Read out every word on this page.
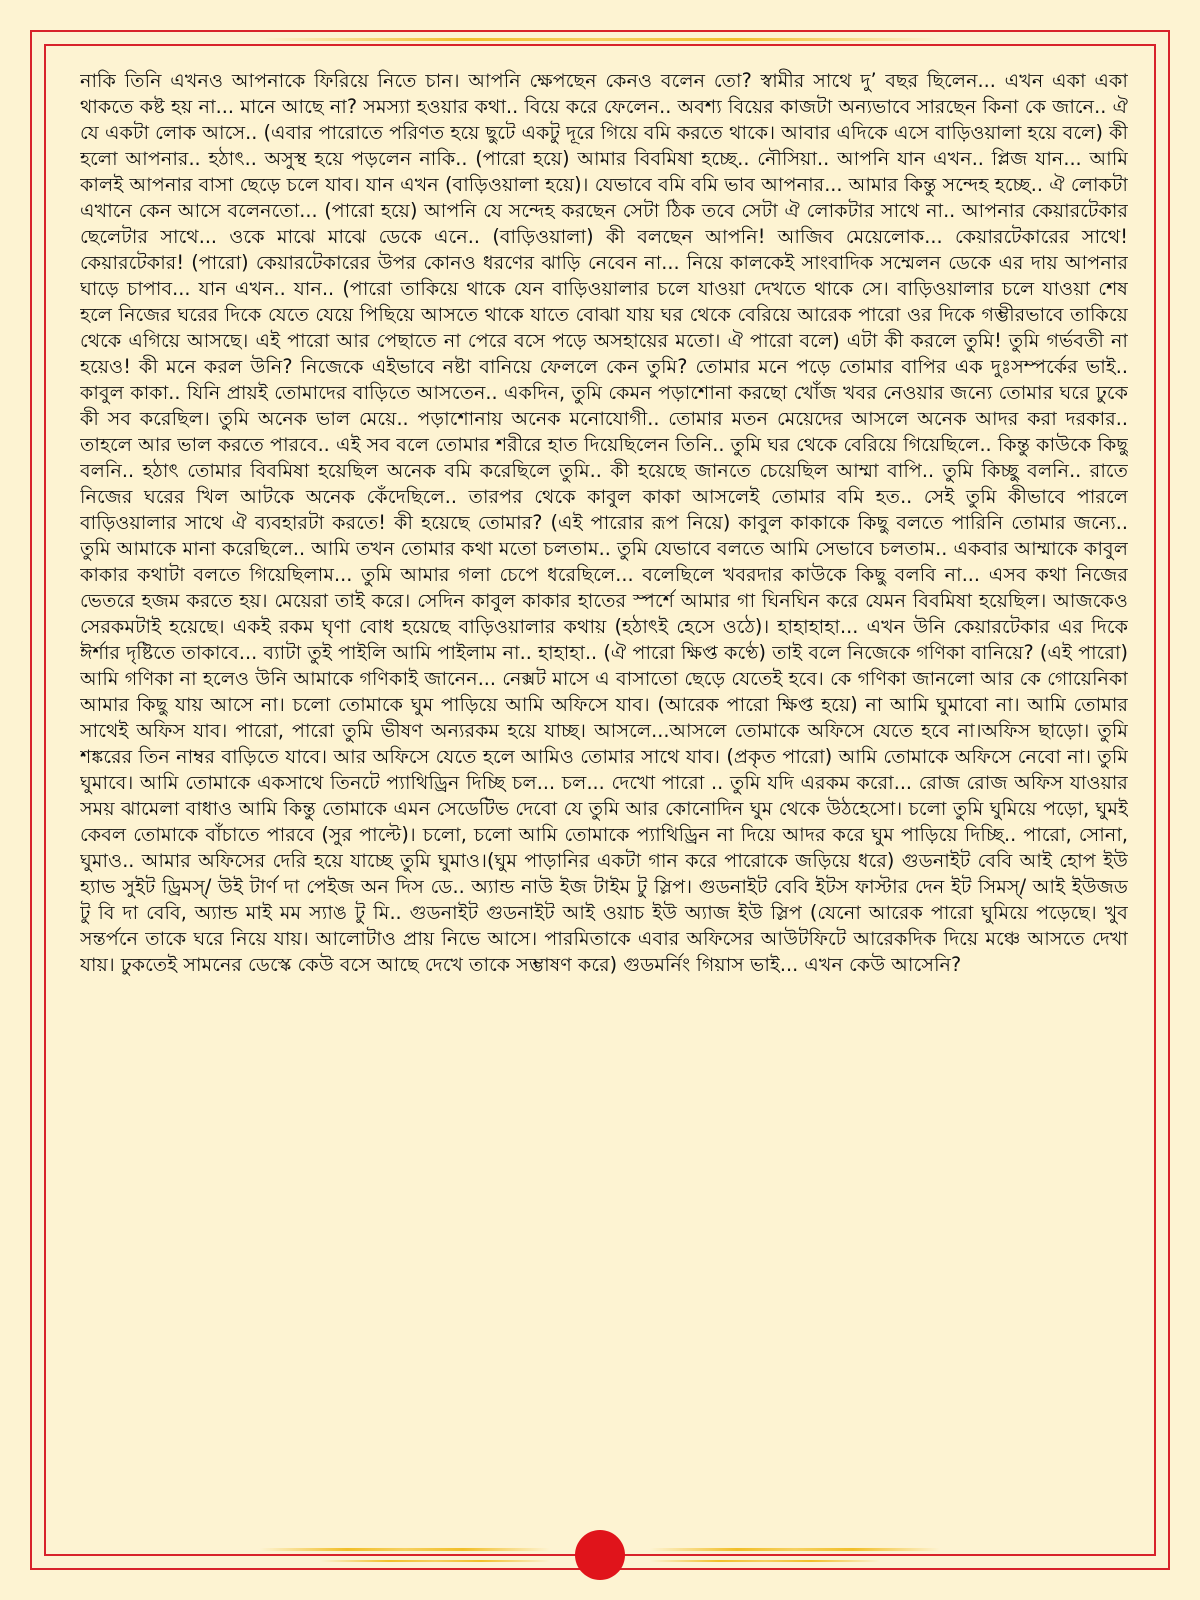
নাকি তিনি এখনও আপনাকে ফিরিয়ে নিতে চান। আপনি ক্ষেপছেন কেনও বলেন তো? স্বামীর সাথে দু’ বছর ছিলেন... এখন একা একা থাকতে কষ্ট হয় না... মানে আছে না? সমস্যা হওয়ার কথা.. বিয়ে করে ফেলেন.. অবশ্য বিয়ের কাজটা অন্যভাবে সারছেন কিনা কে জানে.. ঐ যে একটা লোক আসে.. (এবার পারোতে পরিণত হয়ে ছুটে একটু দূরে গিয়ে বমি করতে থাকে। আবার এদিকে এসে বাড়িওয়ালা হয়ে বলে) কী হলো আপনার.. হঠাৎ.. অসুস্থ হয়ে পড়লেন নাকি.. (পারো হয়ে) আমার বিবমিষা হচ্ছে.. নৌসিয়া.. আপনি যান এখন.. প্লিজ যান... আমি কালই আপনার বাসা ছেড়ে চলে যাব। যান এখন (বাড়িওয়ালা হয়ে)। যেভাবে বমি বমি ভাব আপনার... আমার কিন্তু সন্দেহ হচ্ছে.. ঐ লোকটা এখানে কেন আসে বলেনতো... (পারো হয়ে) আপনি যে সন্দেহ করছেন সেটা ঠিক তবে সেটা ঐ লোকটার সাথে না.. আপনার কেয়ারটেকার ছেলেটার সাথে... ওকে মাঝে মাঝে ডেকে এনে.. (বাড়িওয়ালা) কী বলছেন আপনি! আজিব মেয়েলোক... কেয়ারটেকারের সাথে! কেয়ারটেকার! (পারো) কেয়ারটেকারের উপর কোনও ধরণের ঝাড়ি নেবেন না... নিয়ে কালকেই সাংবাদিক সম্মেলন ডেকে এর দায় আপনার ঘাড়ে চাপাব... যান এখন.. যান.. (পারো তাকিয়ে থাকে যেন বাড়িওয়ালার চলে যাওয়া দেখতে থাকে সে। বাড়িওয়ালার চলে যাওয়া শেষ হলে নিজের ঘরের দিকে যেতে যেয়ে পিছিয়ে আসতে থাকে যাতে বোঝা যায় ঘর থেকে বেরিয়ে আরেক পারো ওর দিকে গম্ভীরভাবে তাকিয়ে থেকে এগিয়ে আসছে। এই পারো আর পেছাতে না পেরে বসে পড়ে অসহায়ের মতো। ঐ পারো বলে) এটা কী করলে তুমি! তুমি গর্ভবতী না হয়েও! কী মনে করল উনি? নিজেকে এইভাবে নষ্টা বানিয়ে ফেললে কেন তুমি? তোমার মনে পড়ে তোমার বাপির এক দুঃসম্পর্কের ভাই.. কাবুল কাকা.. যিনি প্রায়ই তোমাদের বাড়িতে আসতেন.. একদিন, তুমি কেমন পড়াশোনা করছো খোঁজ খবর নেওয়ার জন্যে তোমার ঘরে ঢুকে কী সব করেছিল। তুমি অনেক ভাল মেয়ে.. পড়াশোনায় অনেক মনোযোগী.. তোমার মতন মেয়েদের আসলে অনেক আদর করা দরকার.. তাহলে আর ভাল করতে পারবে.. এই সব বলে তোমার শরীরে হাত দিয়েছিলেন তিনি.. তুমি ঘর থেকে বেরিয়ে গিয়েছিলে.. কিন্তু কাউকে কিছু বলনি.. হঠাৎ তোমার বিবমিষা হয়েছিল অনেক বমি করেছিলে তুমি.. কী হয়েছে জানতে চেয়েছিল আম্মা বাপি.. তুমি কিচ্ছু বলনি.. রাতে নিজের ঘরের খিল আটকে অনেক কেঁদেছিলে.. তারপর থেকে কাবুল কাকা আসলেই তোমার বমি হত.. সেই তুমি কীভাবে পারলে বাড়িওয়ালার সাথে ঐ ব্যবহারটা করতে! কী হয়েছে তোমার? (এই পারোর রূপ নিয়ে) কাবুল কাকাকে কিছু বলতে পারিনি তোমার জন্যে.. তুমি আমাকে মানা করেছিলে.. আমি তখন তোমার কথা মতো চলতাম.. তুমি যেভাবে বলতে আমি সেভাবে চলতাম.. একবার আম্মাকে কাবুল কাকার কথাটা বলতে গিয়েছিলাম... তুমি আমার গলা চেপে ধরেছিলে... বলেছিলে খবরদার কাউকে কিছু বলবি না... এসব কথা নিজের ভেতরে হজম করতে হয়। মেয়েরা তাই করে। সেদিন কাবুল কাকার হাতের স্পর্শে আমার গা ঘিনঘিন করে যেমন বিবমিষা হয়েছিল। আজকেও সেরকমটাই হয়েছে। একই রকম ঘৃণা বোধ হয়েছে বাড়িওয়ালার কথায় (হঠাৎই হেসে ওঠে)। হাহাহাহা... এখন উনি কেয়ারটেকার এর দিকে ঈর্শার দৃষ্টিতে তাকাবে... ব্যাটা তুই পাইলি আমি পাইলাম না.. হাহাহা.. (ঐ পারো ক্ষিপ্ত কণ্ঠে) তাই বলে নিজেকে গণিকা বানিয়ে? (এই পারো) আমি গণিকা না হলেও উনি আমাকে গণিকাই জানেন... নেক্সট মাসে এ বাসাতো ছেড়ে যেতেই হবে। কে গণিকা জানলো আর কে গোয়েনিকা আমার কিছু যায় আসে না। চলো তোমাকে ঘুম পাড়িয়ে আমি অফিসে যাব। (আরেক পারো ক্ষিপ্ত হয়ে) না আমি ঘুমাবো না। আমি তোমার সাথেই অফিস যাব। পারো, পারো তুমি ভীষণ অন্যরকম হয়ে যাচ্ছ। আসলে...আসলে তোমাকে অফিসে যেতে হবে না।অফিস ছাড়ো। তুমি শঙ্করের তিন নাম্বর বাড়িতে যাবে। আর অফিসে যেতে হলে আমিও তোমার সাথে যাব। (প্রকৃত পারো) আমি তোমাকে অফিসে নেবো না। তুমি ঘুমাবে। আমি তোমাকে একসাথে তিনটে প্যাথিড্রিন দিচ্ছি চল... চল... দেখো পারো .. তুমি যদি এরকম করো... রোজ রোজ অফিস যাওয়ার সময় ঝামেলা বাধাও আমি কিন্তু তোমাকে এমন সেডেটিভ দেবো যে তুমি আর কোনোদিন ঘুম থেকে উঠহেসো। চলো তুমি ঘুমিয়ে পড়ো, ঘুমই কেবল তোমাকে বাঁচাতে পারবে (সুর পাল্টে)। চলো, চলো আমি তোমাকে প্যাথিড্রিন না দিয়ে আদর করে ঘুম পাড়িয়ে দিচ্ছি.. পারো, সোনা, ঘুমাও.. আমার অফিসের দেরি হয়ে যাচ্ছে তুমি ঘুমাও।(ঘুম পাড়ানির একটা গান করে পারোকে জড়িয়ে ধরে) গুডনাইট বেবি আই হোপ ইউ হ্যাভ সুইট ড্রিমস্/ উই টার্ণ দা পেইজ অন দিস ডে.. অ্যান্ড নাউ ইজ টাইম টু স্লিপ। গুডনাইট বেবি ইটস ফাস্টার দেন ইট সিমস্/ আই ইউজড টু বি দা বেবি, অ্যান্ড মাই মম স্যাঙ টু মি.. গুডনাইট গুডনাইট আই ওয়াচ ইউ অ্যাজ ইউ স্লিপ (যেনো আরেক পারো ঘুমিয়ে পড়েছে। খুব সন্তর্পনে তাকে ঘরে নিয়ে যায়। আলোটাও প্রায় নিভে আসে। পারমিতাকে এবার অফিসের আউটফিটে আরেকদিক দিয়ে মঞ্চে আসতে দেখা যায়। ঢুকতেই সামনের ডেস্কে কেউ বসে আছে দেখে তাকে সম্ভাষণ করে) গুডমর্নিং গিয়াস ভাই... এখন কেউ আসেনি?
